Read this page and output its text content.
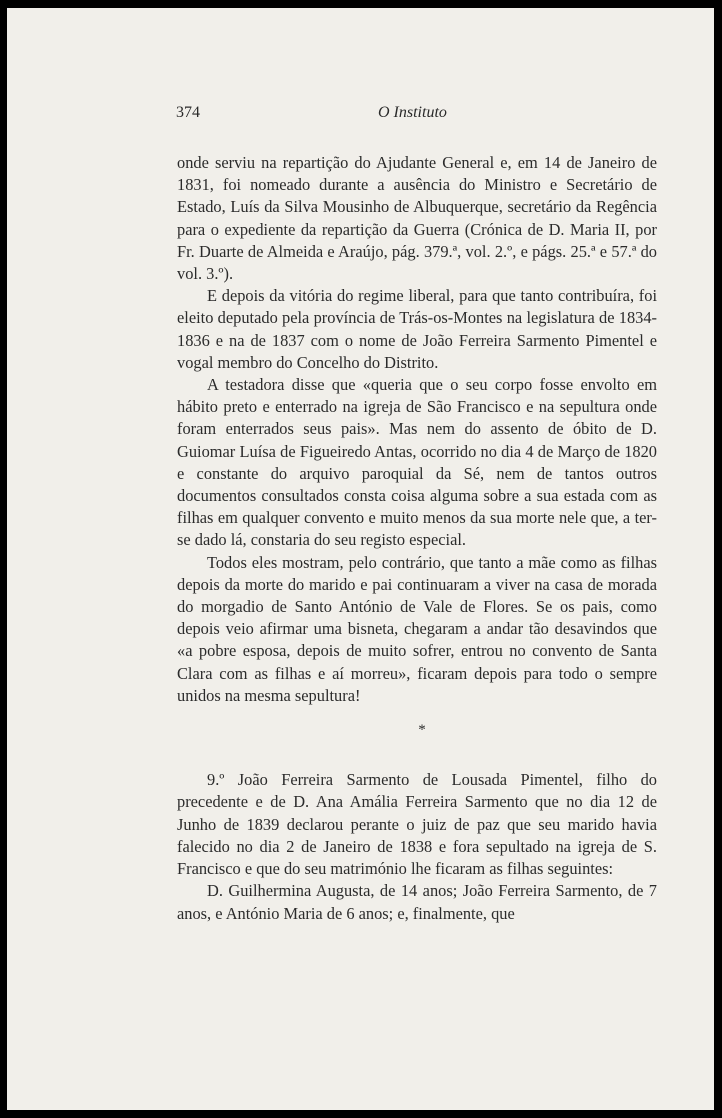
374	O Instituto

onde serviu na repartição do Ajudante General e, em 14 de Janeiro de 1831, foi nomeado durante a ausência do Ministro e Secretário de Estado, Luís da Silva Mousinho de Albuquerque, secretário da Regência para o expediente da repartição da Guerra (Crónica de D. Maria II, por Fr. Duarte de Almeida e Araújo, pág. 379.ª, vol. 2.º, e págs. 25.ª e 57.ª do vol. 3.º).

E depois da vitória do regime liberal, para que tanto contribuíra, foi eleito deputado pela província de Trás-os-Montes na legislatura de 1834-1836 e na de 1837 com o nome de João Ferreira Sarmento Pimentel e vogal membro do Concelho do Distrito.

A testadora disse que «queria que o seu corpo fosse envolto em hábito preto e enterrado na igreja de São Francisco e na sepultura onde foram enterrados seus pais». Mas nem do assento de óbito de D. Guiomar Luísa de Figueiredo Antas, ocorrido no dia 4 de Março de 1820 e constante do arquivo paroquial da Sé, nem de tantos outros documentos consultados consta coisa alguma sobre a sua estada com as filhas em qualquer convento e muito menos da sua morte nele que, a ter-se dado lá, constaria do seu registo especial.

Todos eles mostram, pelo contrário, que tanto a mãe como as filhas depois da morte do marido e pai continuaram a viver na casa de morada do morgadio de Santo António de Vale de Flores. Se os pais, como depois veio afirmar uma bisneta, chegaram a andar tão desavindos que «a pobre esposa, depois de muito sofrer, entrou no convento de Santa Clara com as filhas e aí morreu», ficaram depois para todo o sempre unidos na mesma sepultura!

*

9.º João Ferreira Sarmento de Lousada Pimentel, filho do precedente e de D. Ana Amália Ferreira Sarmento que no dia 12 de Junho de 1839 declarou perante o juiz de paz que seu marido havia falecido no dia 2 de Janeiro de 1838 e fora sepultado na igreja de S. Francisco e que do seu matrimónio lhe ficaram as filhas seguintes:

D. Guilhermina Augusta, de 14 anos; João Ferreira Sarmento, de 7 anos, e António Maria de 6 anos; e, finalmente, que
